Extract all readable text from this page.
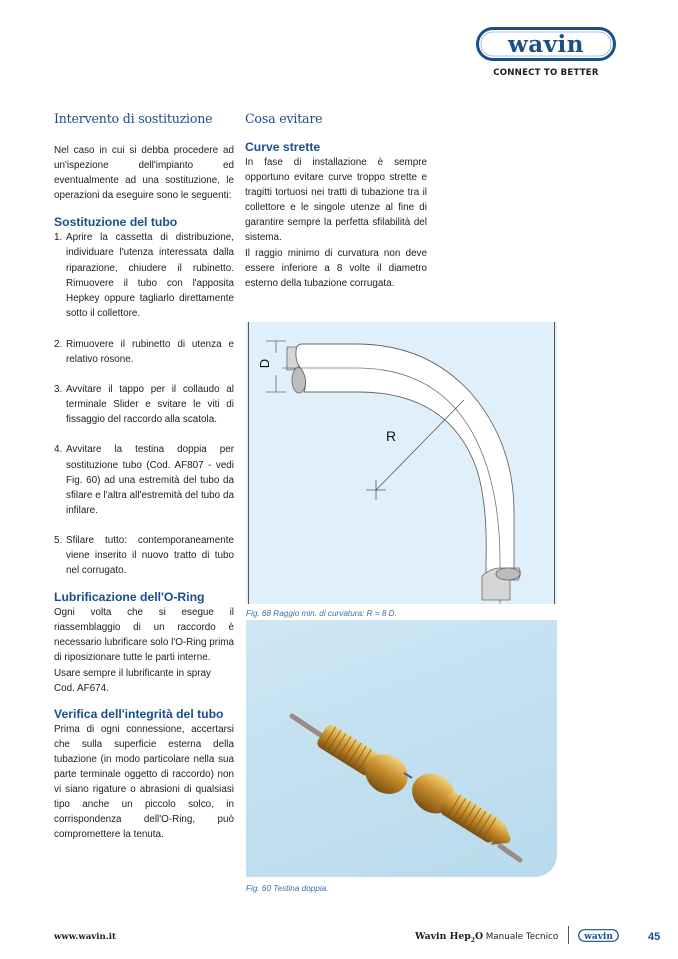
wavin
CONNECT TO BETTER
Intervento di sostituzione

Nel caso in cui si debba procedere ad un'ispezione dell'impianto ed eventualmente ad una sostituzione, le operazioni da eseguire sono le seguenti:

Sostituzione del tubo
1. Aprire la cassetta di distribuzione, individuare l'utenza interessata dalla riparazione, chiudere il rubinetto. Rimuovere il tubo con l'apposita Hepkey oppure tagliarlo direttamente sotto il collettore.
2. Rimuovere il rubinetto di utenza e relativo rosone.
3. Avvitare il tappo per il collaudo al terminale Slider e svitare le viti di fissaggio del raccordo alla scatola.
4. Avvitare la testina doppia per sostituzione tubo (Cod. AF807 - vedi Fig. 60) ad una estremità del tubo da sfilare e l'altra all'estremità del tubo da infilare.
5. Sfilare tutto: contemporaneamente viene inserito il nuovo tratto di tubo nel corrugato.
Lubrificazione dell'O-Ring

Ogni volta che si esegue il riassemblaggio di un raccordo è necessario lubrificare solo l'O-Ring prima di riposizionare tutte le parti interne.

Usare sempre il lubrificante in spray Cod. AF674.

Verifica dell'integrità del tubo

Prima di ogni connessione, accertarsi che sulla superficie esterna della tubazione (in modo particolare nella sua parte terminale oggetto di raccordo) non vi siano rigature o abrasioni di qualsiasi tipo anche un piccolo solco, in corrispondenza dell'O-Ring, può compromettere la tenuta.

Cosa evitare
Curve strette

In fase di installazione è sempre opportuno evitare curve troppo strette e tragitti tortuosi nei tratti di tubazione tra il collettore e le singole utenze al fine di garantire sempre la perfetta sfilabilità del sistema.

Il raggio minimo di curvatura non deve essere inferiore a 8 volte il diametro esterno della tubazione corrugata.

D
R
Fig. 68 Raggio min. di curvatura: R = 8 D.
Fig. 60 Testina doppia.
www.wavin.it	Wavin Hep$_2$O Manuale Tecnico	wavin	45
